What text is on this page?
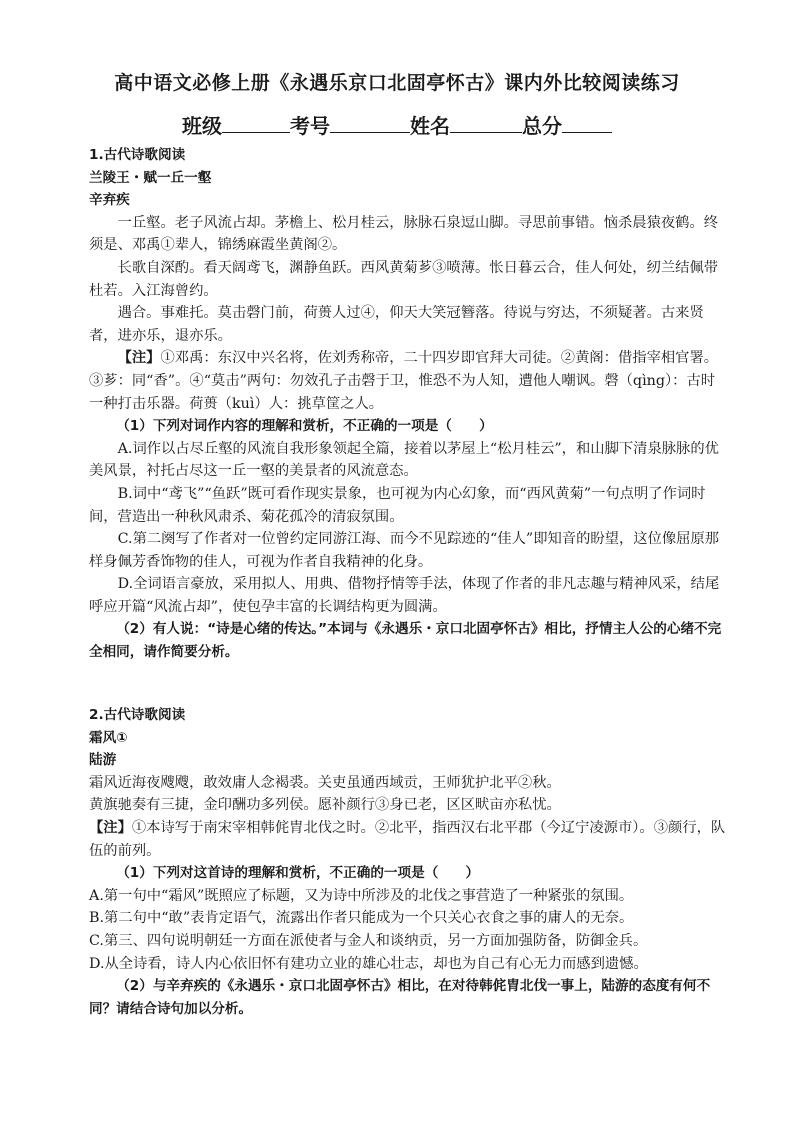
高中语文必修上册《永遇乐京口北固亭怀古》课内外比较阅读练习
班级	考号	姓名	总分

1.古代诗歌阅读

兰陵王・赋一丘一壑

辛弃疾

一丘壑。老子风流占却。茅檐上、松月桂云，脉脉石泉逗山脚。寻思前事错。恼杀晨猿夜鹤。终须是、邓禹①辈人，锦绣麻霞坐黄阁②。

长歌自深酌。看天阔鸢飞，渊静鱼跃。西风黄菊芗③喷薄。怅日暮云合，佳人何处，纫兰结佩带杜若。入江海曾约。

遇合。事难托。莫击磬门前，荷蒉人过④，仰天大笑冠簪落。待说与穷达，不须疑著。古来贤者，进亦乐，退亦乐。

【注】①邓禹：东汉中兴名将，佐刘秀称帝，二十四岁即官拜大司徒。②黄阁：借指宰相官署。③芗：同“香”。④“莫击”两句：勿效孔子击磬于卫，惟恐不为人知，遭他人嘲讽。磬（qìng）：古时一种打击乐器。荷蒉（kuì）人：挑草筐之人。

（1）下列对词作内容的理解和赏析，不正确的一项是（　　）

A.词作以占尽丘壑的风流自我形象领起全篇，接着以茅屋上“松月桂云”，和山脚下清泉脉脉的优美风景，衬托占尽这一丘一壑的美景者的风流意态。

B.词中“鸢飞”“鱼跃”既可看作现实景象，也可视为内心幻象，而“西风黄菊”一句点明了作词时间，营造出一种秋风肃杀、菊花孤冷的清寂氛围。

C.第二阕写了作者对一位曾约定同游江海、而今不见踪迹的“佳人”即知音的盼望，这位像屈原那样身佩芳香饰物的佳人，可视为作者自我精神的化身。

D.全词语言豪放，采用拟人、用典、借物抒情等手法，体现了作者的非凡志趣与精神风采，结尾呼应开篇“风流占却”，使包孕丰富的长调结构更为圆满。

（2）有人说：“诗是心绪的传达。”本词与《永遇乐・京口北固亭怀古》相比，抒情主人公的心绪不完全相同，请作简要分析。

2.古代诗歌阅读

霜风①

陆游

霜风近海夜飕飕，敢效庸人念褐裘。关吏虽通西域贡，王师犹护北平②秋。

黄旗驰奏有三捷，金印酬功多列侯。愿补颜行③身已老，区区畎亩亦私忧。

【注】①本诗写于南宋宰相韩侂胄北伐之时。②北平，指西汉右北平郡（今辽宁凌源市）。③颜行，队伍的前列。

（1）下列对这首诗的理解和赏析，不正确的一项是（　　）

A.第一句中“霜风”既照应了标题，又为诗中所涉及的北伐之事营造了一种紧张的氛围。

B.第二句中“敢”表肯定语气，流露出作者只能成为一个只关心衣食之事的庸人的无奈。

C.第三、四句说明朝廷一方面在派使者与金人和谈纳贡，另一方面加强防备，防御金兵。

D.从全诗看，诗人内心依旧怀有建功立业的雄心壮志，却也为自己有心无力而感到遗憾。

（2）与辛弃疾的《永遇乐・京口北固亭怀古》相比，在对待韩侂胄北伐一事上，陆游的态度有何不同？请结合诗句加以分析。
